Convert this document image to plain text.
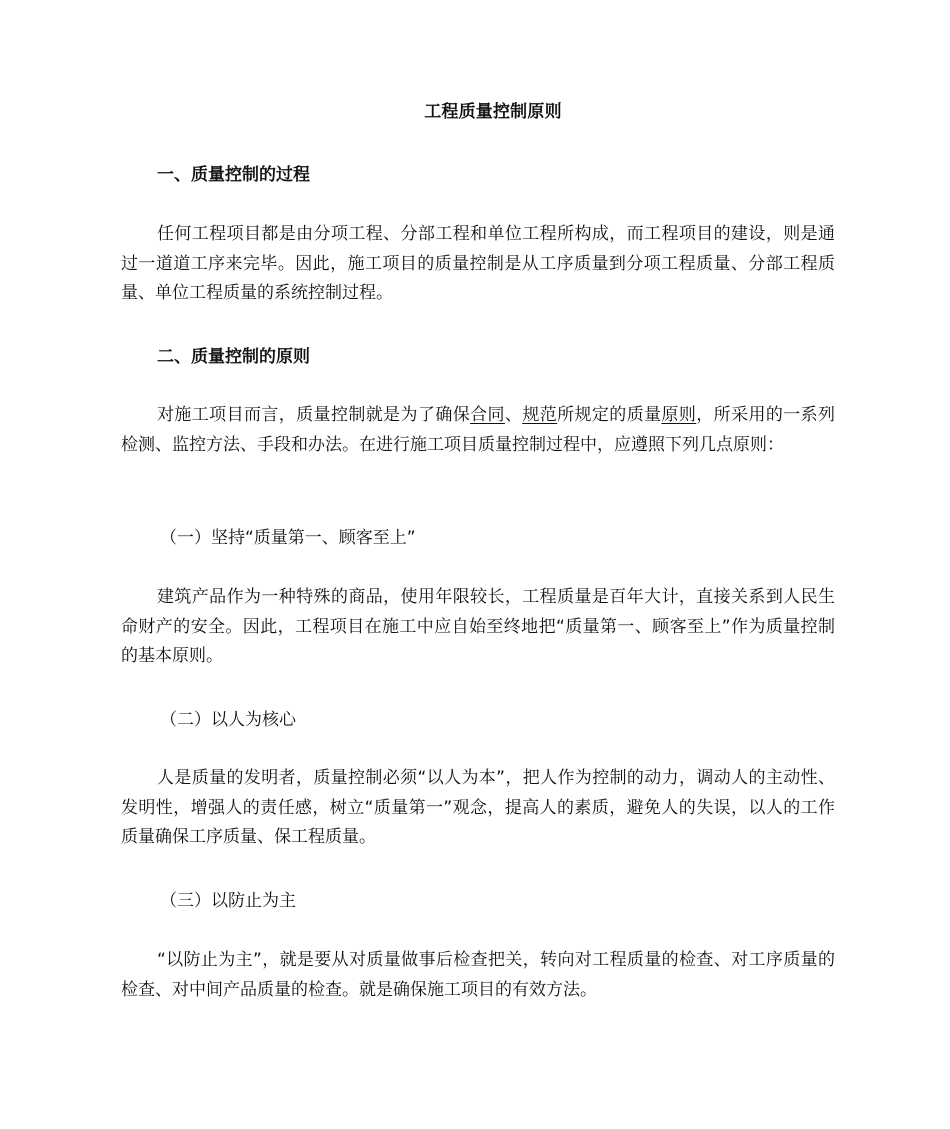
工程质量控制原则
一、质量控制的过程

任何工程项目都是由分项工程、分部工程和单位工程所构成，而工程项目的建设，则是通过一道道工序来完毕。因此，施工项目的质量控制是从工序质量到分项工程质量、分部工程质量、单位工程质量的系统控制过程。

二、质量控制的原则

对施工项目而言，质量控制就是为了确保合同、规范所规定的质量原则，所采用的一系列检测、监控方法、手段和办法。在进行施工项目质量控制过程中，应遵照下列几点原则：

（一）坚持“质量第一、顾客至上”

建筑产品作为一种特殊的商品，使用年限较长，工程质量是百年大计，直接关系到人民生命财产的安全。因此，工程项目在施工中应自始至终地把“质量第一、顾客至上”作为质量控制的基本原则。

（二）以人为核心

人是质量的发明者，质量控制必须“以人为本”，把人作为控制的动力，调动人的主动性、发明性，增强人的责任感，树立“质量第一”观念，提高人的素质，避免人的失误，以人的工作质量确保工序质量、保工程质量。

（三）以防止为主

“以防止为主”，就是要从对质量做事后检查把关，转向对工程质量的检查、对工序质量的检查、对中间产品质量的检查。就是确保施工项目的有效方法。
